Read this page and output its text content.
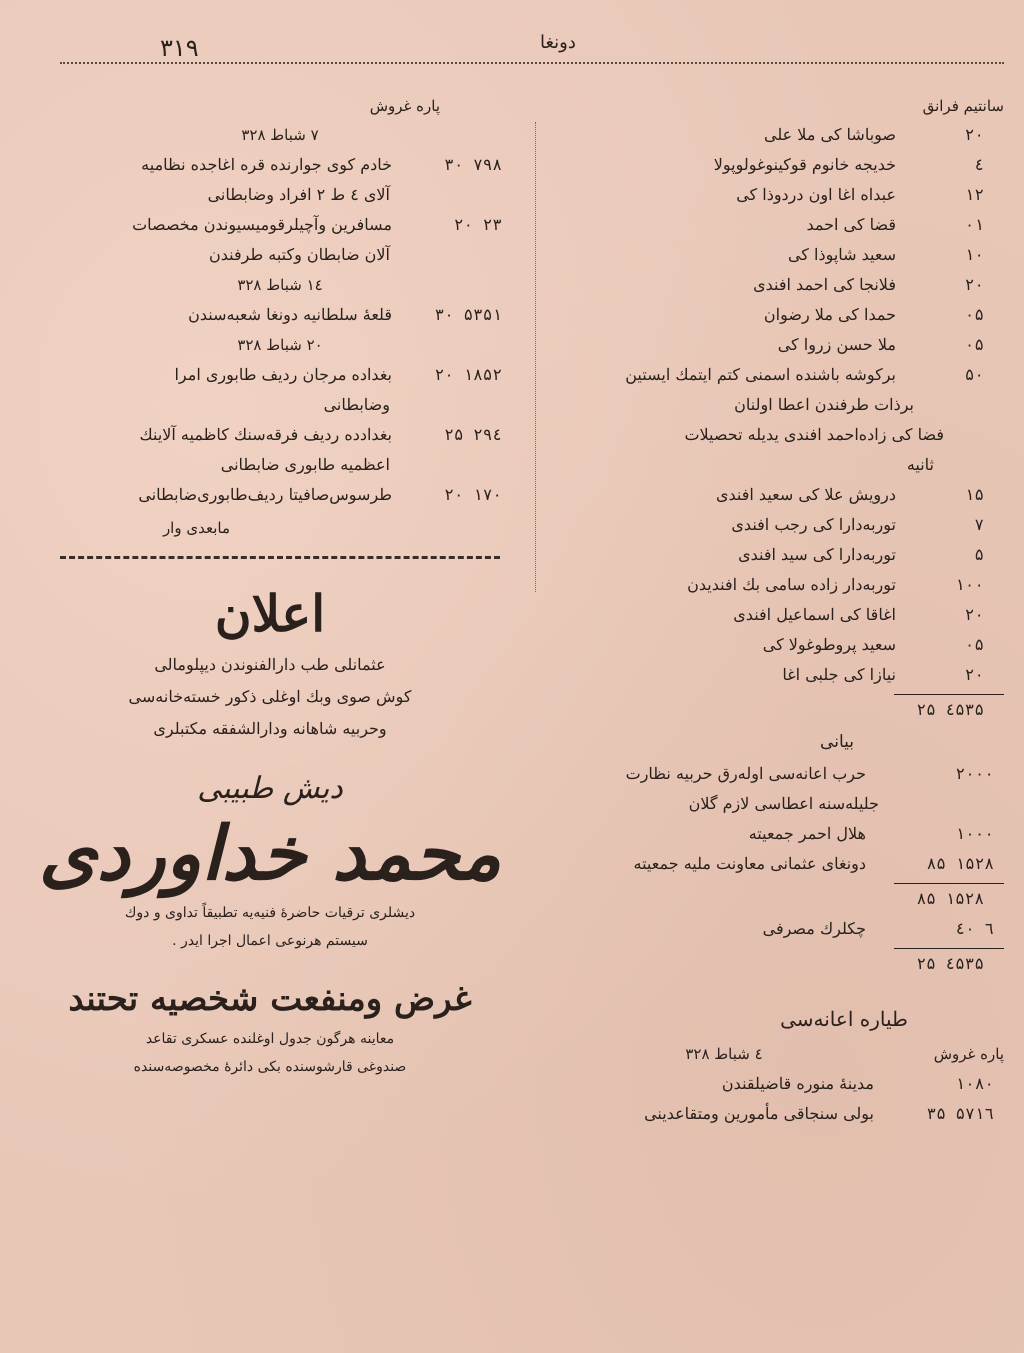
۳۱۹	دونغا
سانتیم فرانق
۲۰
صوباشا کی ملا علی
٤
خدیجه خانوم قوکینوغولوپولا
۱۲
عبداه اغا اون دردوذا کی
۰۱
قضا کی احمد
۱۰
سعید شاپوذا کی
۲۰
فلانجا کی احمد افندی
۰۵
حمدا کی ملا رضوان
۰۵
ملا حسن زروا کی
۵۰
برکوشه باشنده اسمنی کتم ایتمك ایستین
برذات طرفندن اعطا اولنان
فضا کی زاده‌احمد افندی یدیله تحصیلات
ثانیه
۱۵
درویش علا کی سعید افندی
۷
توربه‌دارا کی رجب افندی
۵
توربه‌دارا کی سید افندی
۱۰۰
توربه‌دار زاده سامی بك افندیدن
۲۰
اغاقا کی اسماعیل افندی
۰۵
سعید پروطوغولا کی
۲۰
نیازا کی جلبی اغا
۲۵ ٤۵۳۵
بیانی
۲۰۰۰
حرب اعانه‌سی اوله‌رق حربیه نظارت
جلیله‌سنه اعطاسی لازم گلان
۱۰۰۰
هلال احمر جمعیته
۸۵ ۱۵۲۸
دونغای عثمانی معاونت ملیه جمعیته
۸۵ ۱۵۲۸
٤۰ ٦
چکلرك مصرفی
۲۵ ٤۵۳۵
طیاره اعانه‌سی
پاره غروش
٤ شباط ۳۲۸
۱۰۸۰
مدینهٔ منوره قاضیلقندن
۳۵ ۵۷۱٦
بولی سنجاقی مأمورین ومتقاعدینی
پاره غروش
۷ شباط ۳۲۸
۳۰ ۷۹۸
خادم کوی جوارنده قره اغاجده نظامیه
آلای ٤ ط ۲ افراد وضابطانی
۲۰ ۲۳
مسافرین وآچیلرقومیسیوندن مخصصات
آلان ضابطان وکتبه طرفندن
۱٤ شباط ۳۲۸
۳۰ ۵۳۵۱
قلعهٔ سلطانیه دونغا شعبه‌سندن
۲۰ شباط ۳۲۸
۲۰ ۱۸۵۲
بغداده مرجان ردیف طابوری امرا
وضابطانی
۲۵ ۲۹٤
بغدادده ردیف فرقه‌سنك کاظمیه آلاینك
اعظمیه طابوری ضابطانی
۲۰ ۱۷۰
طرسوس‌صافیتا ردیف‌طابوری‌ضابطانی
مابعدی وار
اعلان
عثمانلی طب دارالفنوندن دیپلومالی
کوش صوی وبك اوغلی ذکور خسته‌خانه‌سی
وحربیه شاهانه ودارالشفقه مکتبلری
دیش طبیبی
محمد خداوردی
دیشلری ترقیات حاضرهٔ فنیه‌یه تطبیقاً تداوی و دوك
سیستم هرنوعی اعمال اجرا ایدر .
غرض ومنفعت شخصیه تحتند
معاینه هرگون جدول اوغلنده عسکری تقاعد
صندوغی قارشوسنده بکی دائرهٔ مخصوصه‌سنده
